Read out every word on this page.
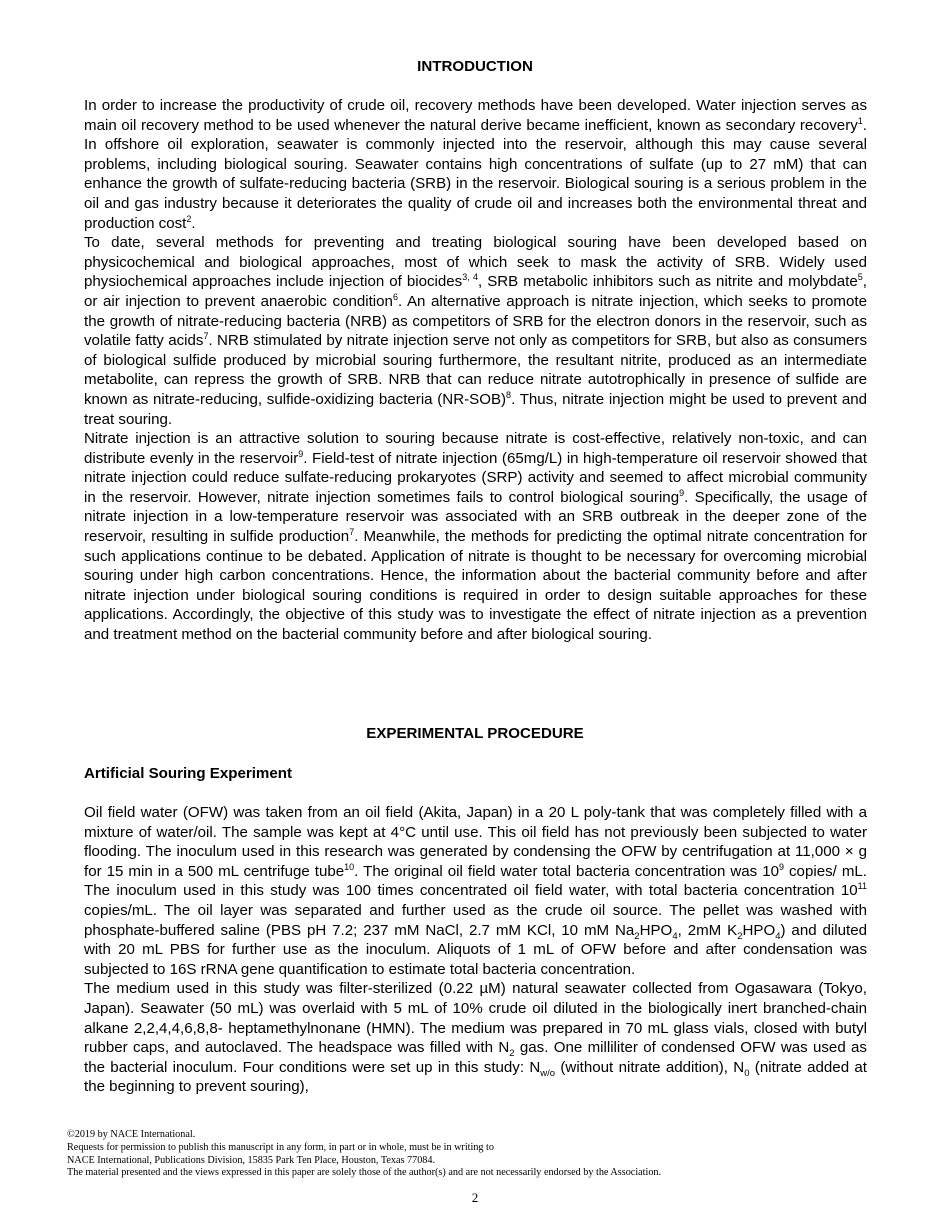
INTRODUCTION

In order to increase the productivity of crude oil, recovery methods have been developed. Water injection serves as main oil recovery method to be used whenever the natural derive became inefficient, known as secondary recovery$^1$. In offshore oil exploration, seawater is commonly injected into the reservoir, although this may cause several problems, including biological souring. Seawater contains high concentrations of sulfate (up to 27 mM) that can enhance the growth of sulfate-reducing bacteria (SRB) in the reservoir. Biological souring is a serious problem in the oil and gas industry because it deteriorates the quality of crude oil and increases both the environmental threat and production cost$^2$.

To date, several methods for preventing and treating biological souring have been developed based on physicochemical and biological approaches, most of which seek to mask the activity of SRB. Widely used physiochemical approaches include injection of biocides$^{3, 4}$, SRB metabolic inhibitors such as nitrite and molybdate$^5$, or air injection to prevent anaerobic condition$^6$. An alternative approach is nitrate injection, which seeks to promote the growth of nitrate-reducing bacteria (NRB) as competitors of SRB for the electron donors in the reservoir, such as volatile fatty acids$^7$. NRB stimulated by nitrate injection serve not only as competitors for SRB, but also as consumers of biological sulfide produced by microbial souring furthermore, the resultant nitrite, produced as an intermediate metabolite, can repress the growth of SRB. NRB that can reduce nitrate autotrophically in presence of sulfide are known as nitrate-reducing, sulfide-oxidizing bacteria $(NR-SOB)^8$. Thus, nitrate injection might be used to prevent and treat souring.

Nitrate injection is an attractive solution to souring because nitrate is cost-effective, relatively non-toxic, and can distribute evenly in the reservoir$^9$. Field-test of nitrate injection (65mg/L) in high-temperature oil reservoir showed that nitrate injection could reduce sulfate-reducing prokaryotes (SRP) activity and seemed to affect microbial community in the reservoir. However, nitrate injection sometimes fails to control biological souring$^9$. Specifically, the usage of nitrate injection in a low-temperature reservoir was associated with an SRB outbreak in the deeper zone of the reservoir, resulting in sulfide production$^7$. Meanwhile, the methods for predicting the optimal nitrate concentration for such applications continue to be debated. Application of nitrate is thought to be necessary for overcoming microbial souring under high carbon concentrations. Hence, the information about the bacterial community before and after nitrate injection under biological souring conditions is required in order to design suitable approaches for these applications. Accordingly, the objective of this study was to investigate the effect of nitrate injection as a prevention and treatment method on the bacterial community before and after biological souring.

EXPERIMENTAL PROCEDURE
Artificial Souring Experiment

Oil field water (OFW) was taken from an oil field (Akita, Japan) in a 20 L poly-tank that was completely filled with a mixture of water/oil. The sample was kept at 4°C until use. This oil field has not previously been subjected to water flooding. The inoculum used in this research was generated by condensing the OFW by centrifugation at 11,000 × g for 15 min in a 500 mL centrifuge tube$^{10}$. The original oil field water total bacteria concentration was $10^9$ copies/ mL. The inoculum used in this study was 100 times concentrated oil field water, with total bacteria concentration $10^{11}$ copies/mL. The oil layer was separated and further used as the crude oil source. The pellet was washed with phosphate-buffered saline (PBS pH 7.2; 237 mM NaCl, 2.7 mM KCl, 10 mM $Na_2HPO_4$, 2mM $K_2HPO_4$) and diluted with 20 mL PBS for further use as the inoculum. Aliquots of 1 mL of OFW before and after condensation was subjected to 16S rRNA gene quantification to estimate total bacteria concentration.

The medium used in this study was filter-sterilized (0.22 µM) natural seawater collected from Ogasawara (Tokyo, Japan). Seawater (50 mL) was overlaid with 5 mL of 10% crude oil diluted in the biologically inert branched-chain alkane 2,2,4,4,6,8,8- heptamethylnonane (HMN). The medium was prepared in 70 mL glass vials, closed with butyl rubber caps, and autoclaved. The headspace was filled with $N_2$ gas. One milliliter of condensed OFW was used as the bacterial inoculum. Four conditions were set up in this study: $N_{w/o}$ (without nitrate addition), $N_0$ (nitrate added at the beginning to prevent souring),

©2019 by NACE International.
Requests for permission to publish this manuscript in any form, in part or in whole, must be in writing to
NACE International, Publications Division, 15835 Park Ten Place, Houston, Texas 77084.
The material presented and the views expressed in this paper are solely those of the author(s) and are not necessarily endorsed by the Association.
2
